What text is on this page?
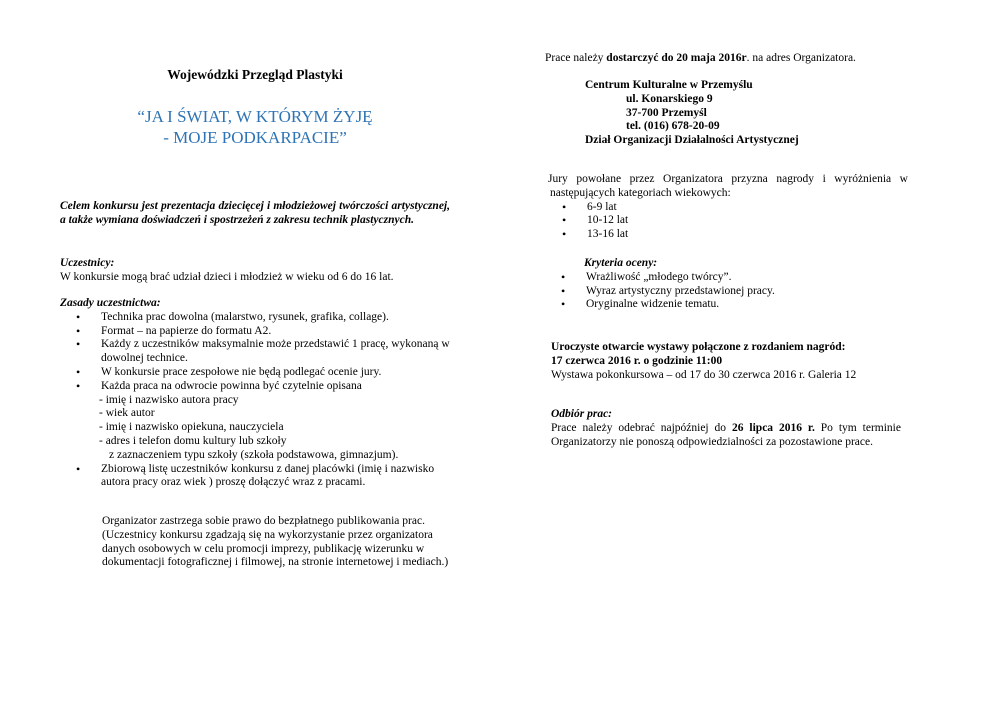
Wojewódzki Przegląd Plastyki
“JA I ŚWIAT, W KTÓRYM ŻYJĘ
- MOJE PODKARPACIE”
Celem konkursu jest prezentacja dziecięcej i młodzieżowej twórczości artystycznej, a także wymiana doświadczeń i spostrzeżeń z zakresu technik plastycznych.
Uczestnicy:
W konkursie mogą brać udział dzieci i młodzież w wieku od 6 do 16 lat.
Zasady uczestnictwa:
• Technika prac dowolna (malarstwo, rysunek, grafika, collage).
• Format – na papierze do formatu A2.
• Każdy z uczestników maksymalnie może przedstawić 1 pracę, wykonaną w dowolnej technice.
• W konkursie prace zespołowe nie będą podlegać ocenie jury.
• Każda praca na odwrocie powinna być czytelnie opisana
- imię i nazwisko autora pracy
- wiek autor
- imię i nazwisko opiekuna, nauczyciela
- adres i telefon domu kultury lub szkoły
z zaznaczeniem typu szkoły (szkoła podstawowa, gimnazjum).
• Zbiorową listę uczestników konkursu z danej placówki (imię i nazwisko autora pracy oraz wiek ) proszę dołączyć wraz z pracami.
Organizator zastrzega sobie prawo do bezpłatnego publikowania prac.
(Uczestnicy konkursu zgadzają się na wykorzystanie przez organizatora danych osobowych w celu promocji imprezy, publikację wizerunku w dokumentacji fotograficznej i filmowej, na stronie internetowej i mediach.)
Prace należy dostarczyć do 20 maja 2016r. na adres Organizatora.
Centrum Kulturalne w Przemyślu
ul. Konarskiego 9
37-700 Przemyśl
tel. (016) 678-20-09
Dział Organizacji Działalności Artystycznej
Jury powołane przez Organizatora przyzna nagrody i wyróżnienia w następujących kategoriach wiekowych:
• 6-9 lat
• 10-12 lat
• 13-16 lat
Kryteria oceny:
• Wrażliwość „młodego twórcy”.
• Wyraz artystyczny przedstawionej pracy.
• Oryginalne widzenie tematu.
Uroczyste otwarcie wystawy połączone z rozdaniem nagród:
17 czerwca 2016 r. o godzinie 11:00
Wystawa pokonkursowa – od 17 do 30 czerwca 2016 r. Galeria 12
Odbiór prac:
Prace należy odebrać najpóźniej do 26 lipca 2016 r. Po tym terminie Organizatorzy nie ponoszą odpowiedzialności za pozostawione prace.
